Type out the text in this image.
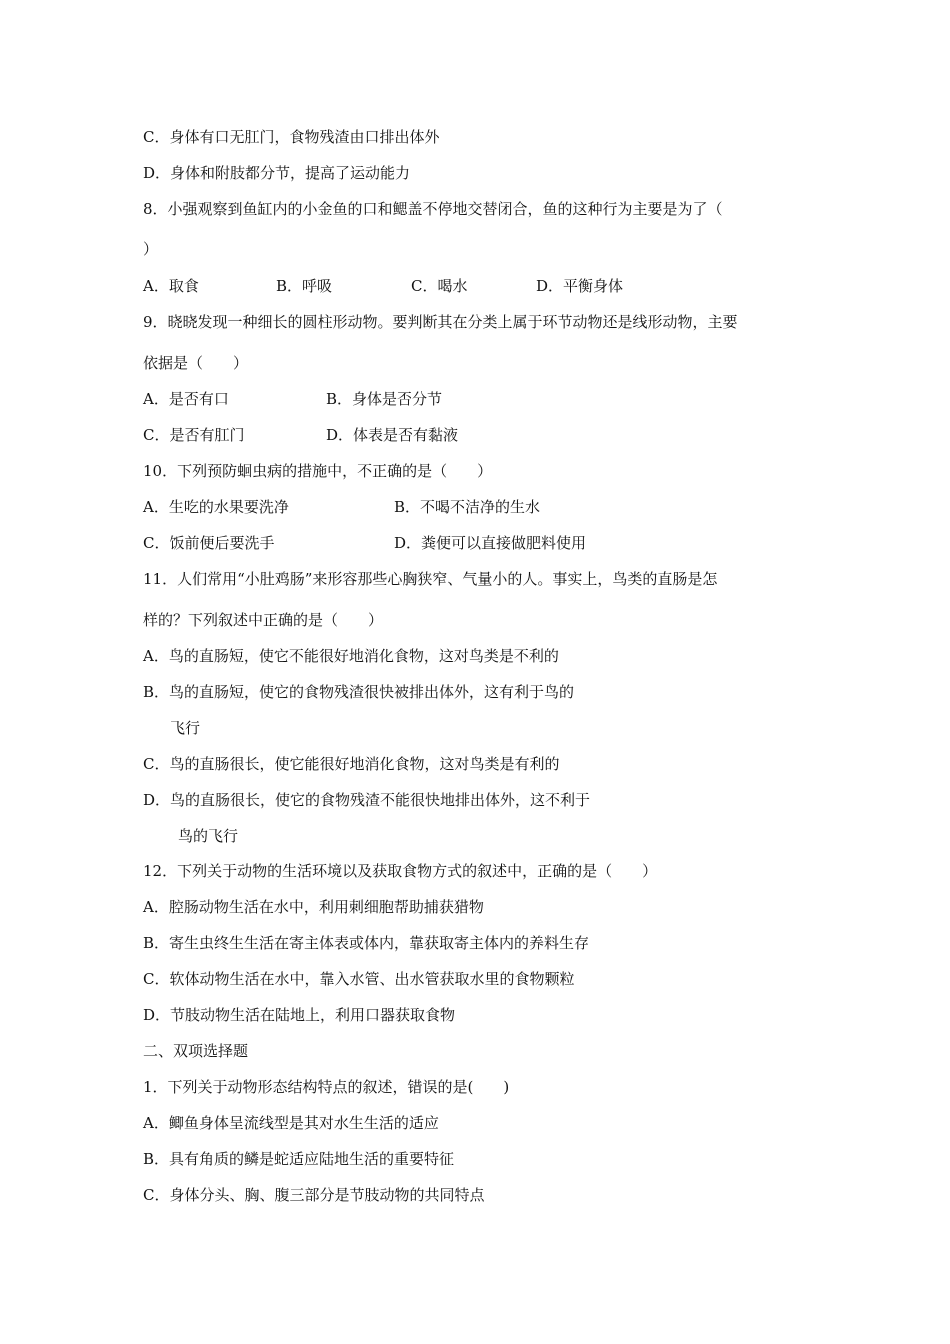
C．身体有口无肛门，食物残渣由口排出体外
D．身体和附肢都分节，提高了运动能力
8．小强观察到鱼缸内的小金鱼的口和鳃盖不停地交替闭合，鱼的这种行为主要是为了（
）
A．取食	B．呼吸	C．喝水	D．平衡身体
9．晓晓发现一种细长的圆柱形动物。要判断其在分类上属于环节动物还是线形动物，主要
依据是（　　）
A．是否有口	B．身体是否分节
C．是否有肛门	D．体表是否有黏液
10．下列预防蛔虫病的措施中，不正确的是（　　）
A．生吃的水果要洗净	B．不喝不洁净的生水
C．饭前便后要洗手	D．粪便可以直接做肥料使用
11．人们常用“小肚鸡肠”来形容那些心胸狭窄、气量小的人。事实上，鸟类的直肠是怎
样的？下列叙述中正确的是（　　）
A．鸟的直肠短，使它不能很好地消化食物，这对鸟类是不利的
B．鸟的直肠短，使它的食物残渣很快被排出体外，这有利于鸟的
飞行
C．鸟的直肠很长，使它能很好地消化食物，这对鸟类是有利的
D．鸟的直肠很长，使它的食物残渣不能很快地排出体外，这不利于
鸟的飞行
12．下列关于动物的生活环境以及获取食物方式的叙述中，正确的是（　　）
A．腔肠动物生活在水中，利用刺细胞帮助捕获猎物
B．寄生虫终生生活在寄主体表或体内，靠获取寄主体内的养料生存
C．软体动物生活在水中，靠入水管、出水管获取水里的食物颗粒
D．节肢动物生活在陆地上，利用口器获取食物
二、双项选择题
1．下列关于动物形态结构特点的叙述，错误的是(　　)
A．鲫鱼身体呈流线型是其对水生生活的适应
B．具有角质的鳞是蛇适应陆地生活的重要特征
C．身体分头、胸、腹三部分是节肢动物的共同特点
